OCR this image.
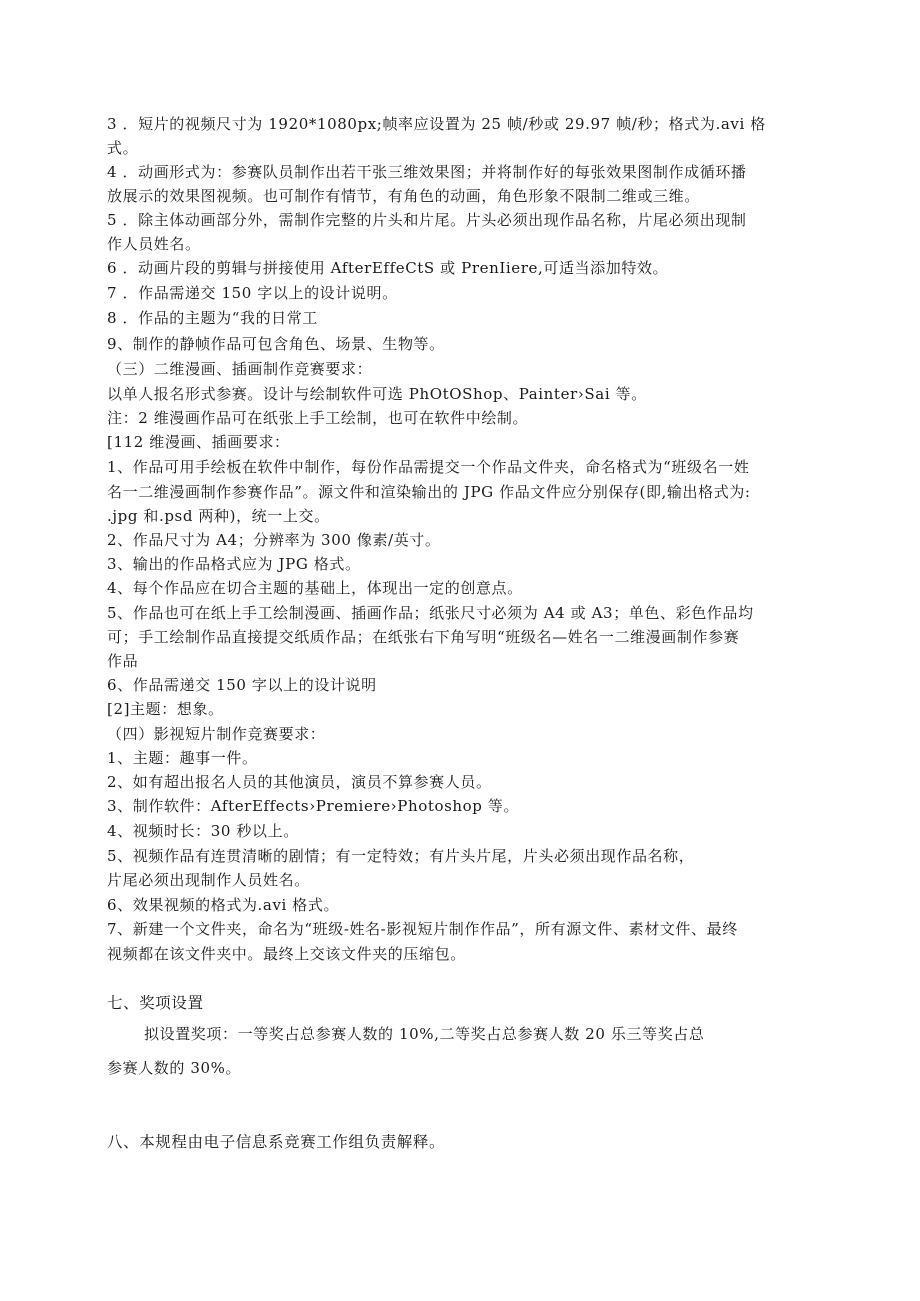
3 ．短片的视频尺寸为 1920*1080px;帧率应设置为 25 帧/秒或 29.97 帧/秒；格式为.avi 格

式。

4 ．动画形式为：参赛队员制作出若干张三维效果图；并将制作好的每张效果图制作成循环播

放展示的效果图视频。也可制作有情节，有角色的动画，角色形象不限制二维或三维。

5 ．除主体动画部分外，需制作完整的片头和片尾。片头必须出现作品名称，片尾必须出现制

作人员姓名。

6 ．动画片段的剪辑与拼接使用 AfterEffeCtS 或 PrenIiere,可适当添加特效。

7 ．作品需递交 150 字以上的设计说明。

8 ．作品的主题为“我的日常工

9、制作的静帧作品可包含角色、场景、生物等。

（三）二维漫画、插画制作竞赛要求：

以单人报名形式参赛。设计与绘制软件可选 PhOtOShop、Painter›Sai 等。

注：2 维漫画作品可在纸张上手工绘制，也可在软件中绘制。

[112 维漫画、插画要求：

1、作品可用手绘板在软件中制作，每份作品需提交一个作品文件夹，命名格式为“班级名一姓

名一二维漫画制作参赛作品”。源文件和渲染输出的 JPG 作品文件应分别保存(即,输出格式为:

.jpg 和.psd 两种)，统一上交。

2、作品尺寸为 A4；分辨率为 300 像素/英寸。

3、输出的作品格式应为 JPG 格式。

4、每个作品应在切合主题的基础上，体现出一定的创意点。

5、作品也可在纸上手工绘制漫画、插画作品；纸张尺寸必须为 A4 或 A3；单色、彩色作品均

可；手工绘制作品直接提交纸质作品；在纸张右下角写明“班级名—姓名一二维漫画制作参赛

作品

6、作品需递交 150 字以上的设计说明

[2]主题：想象。

（四）影视短片制作竞赛要求：

1、主题：趣事一件。

2、如有超出报名人员的其他演员，演员不算参赛人员。

3、制作软件：AfterEffects›Premiere›Photoshop 等。

4、视频时长：30 秒以上。

5、视频作品有连贯清晰的剧情；有一定特效；有片头片尾，片头必须出现作品名称，

片尾必须出现制作人员姓名。

6、效果视频的格式为.avi 格式。

7、新建一个文件夹，命名为“班级-姓名-影视短片制作作品”，所有源文件、素材文件、最终

视频都在该文件夹中。最终上交该文件夹的压缩包。

七、奖项设置

拟设置奖项：一等奖占总参赛人数的 10%,二等奖占总参赛人数 20 乐三等奖占总

参赛人数的 30%。

八、本规程由电子信息系竞赛工作组负责解释。
